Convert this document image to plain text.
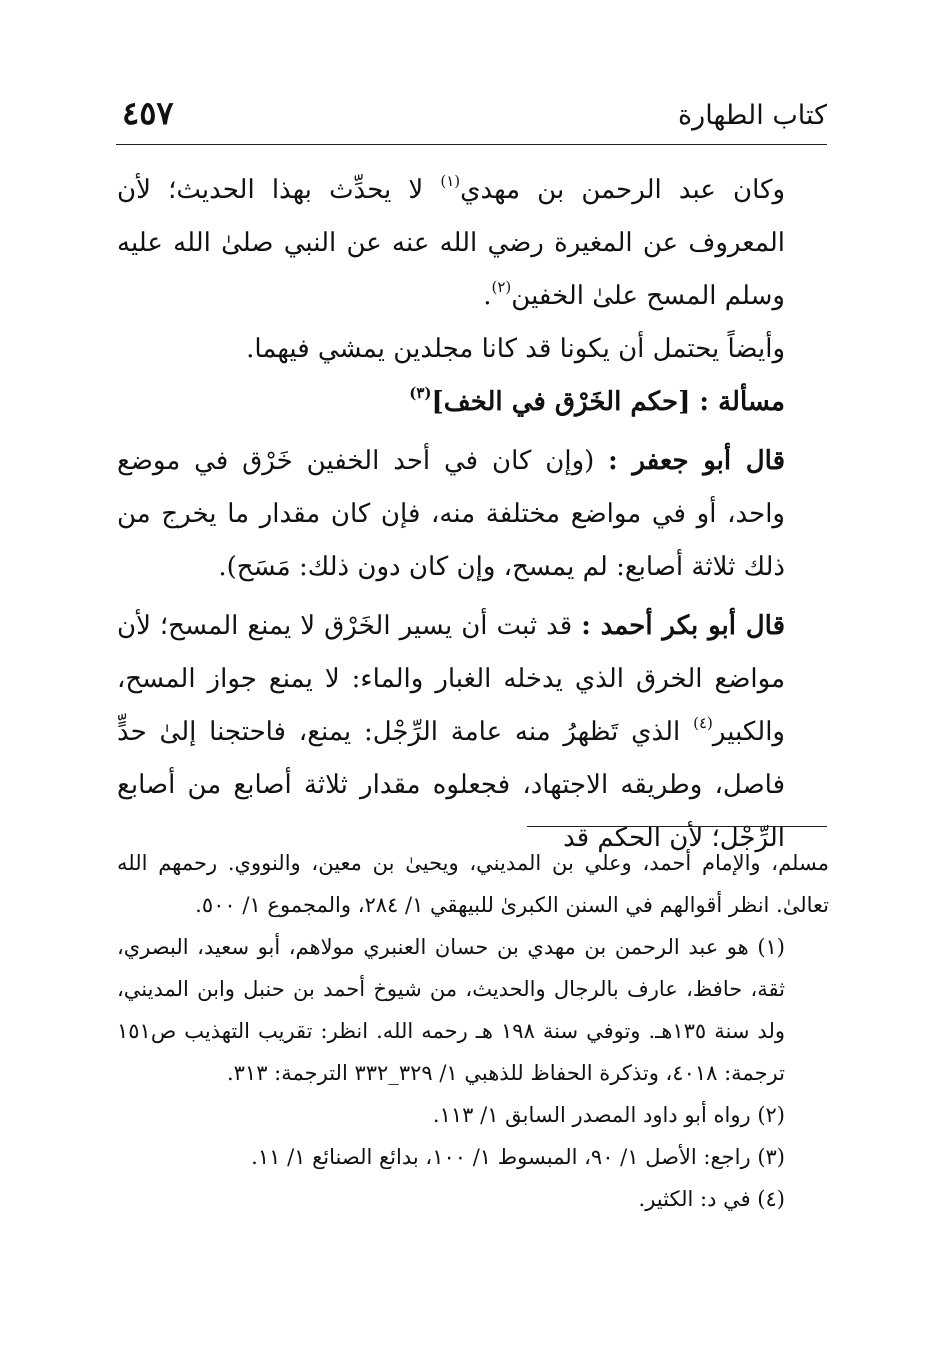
كتاب الطهارة
٤٥٧

وكان عبد الرحمن بن مهدي$^{(١)}$ لا يحدِّث بهذا الحديث؛ لأن المعروف عن المغيرة رضي الله عنه عن النبي صلىٰ الله عليه وسلم المسح علىٰ الخفين$^{(٢)}$.

وأيضاً يحتمل أن يكونا قد كانا مجلدين يمشي فيهما.

مسألة : [حكم الخَرْق في الخف]$^{(٣)}$

قال أبو جعفر : (وإن كان في أحد الخفين خَرْق في موضع واحد، أو في مواضع مختلفة منه، فإن كان مقدار ما يخرج من ذلك ثلاثة أصابع: لم يمسح، وإن كان دون ذلك: مَسَح).

قال أبو بكر أحمد : قد ثبت أن يسير الخَرْق لا يمنع المسح؛ لأن مواضع الخرق الذي يدخله الغبار والماء: لا يمنع جواز المسح، والكبير$^{(٤)}$ الذي تَظهرُ منه عامة الرِّجْل: يمنع، فاحتجنا إلىٰ حدٍّ فاصل، وطريقه الاجتهاد، فجعلوه مقدار ثلاثة أصابع من أصابع الرِّجْل؛ لأن الحكم قد

مسلم، والإمام أحمد، وعلي بن المديني، ويحيىٰ بن معين، والنووي. رحمهم الله تعالىٰ. انظر أقوالهم في السنن الكبرىٰ للبيهقي ١/ ٢٨٤، والمجموع ١/ ٥٠٠.

(١) هو عبد الرحمن بن مهدي بن حسان العنبري مولاهم، أبو سعيد، البصري، ثقة، حافظ، عارف بالرجال والحديث، من شيوخ أحمد بن حنبل وابن المديني، ولد سنة ١٣٥هـ. وتوفي سنة ١٩٨ هـ رحمه الله. انظر: تقريب التهذيب ص١٥١ ترجمة: ٤٠١٨، وتذكرة الحفاظ للذهبي ١/ ٣٢٩_٣٣٢ الترجمة: ٣١٣.

(٢) رواه أبو داود المصدر السابق ١/ ١١٣.

(٣) راجع: الأصل ١/ ٩٠، المبسوط ١/ ١٠٠، بدائع الصنائع ١/ ١١.

(٤) في د: الكثير.
